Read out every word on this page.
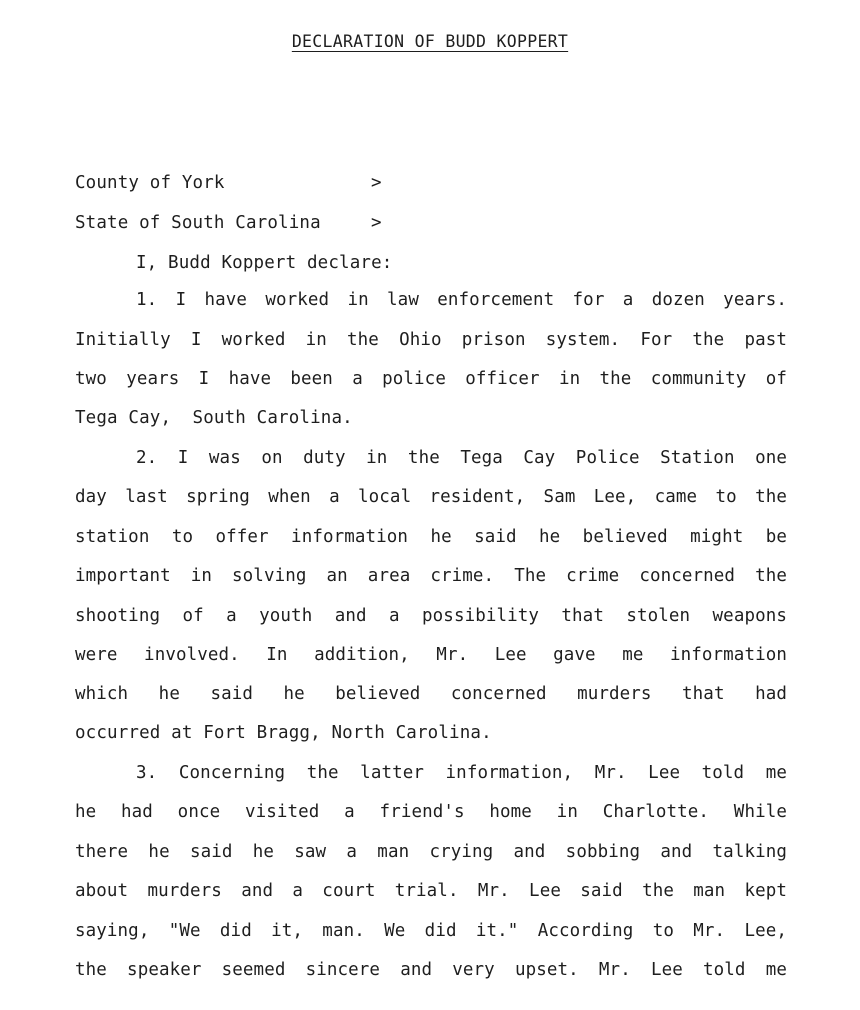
DECLARATION OF BUDD KOPPERT
County of York	>
State of South Carolina	>
I, Budd Koppert declare:
1. I have worked in law enforcement for a dozen years.
Initially I worked in the Ohio prison system. For the past
two years I have been a police officer in the community of
Tega Cay,  South Carolina.
2. I was on duty in the Tega Cay Police Station one
day last spring when a local resident, Sam Lee, came to the
station to offer information he said he believed might be
important in solving an area crime. The crime concerned the
shooting of a youth and a possibility that stolen weapons
were involved. In addition, Mr. Lee gave me information
which he said he believed concerned murders that had
occurred at Fort Bragg, North Carolina.
3. Concerning the latter information, Mr. Lee told me
he had once visited a friend's home in Charlotte. While
there he said he saw a man crying and sobbing and talking
about murders and a court trial. Mr. Lee said the man kept
saying, "We did it, man. We did it." According to Mr. Lee,
the speaker seemed sincere and very upset. Mr. Lee told me
